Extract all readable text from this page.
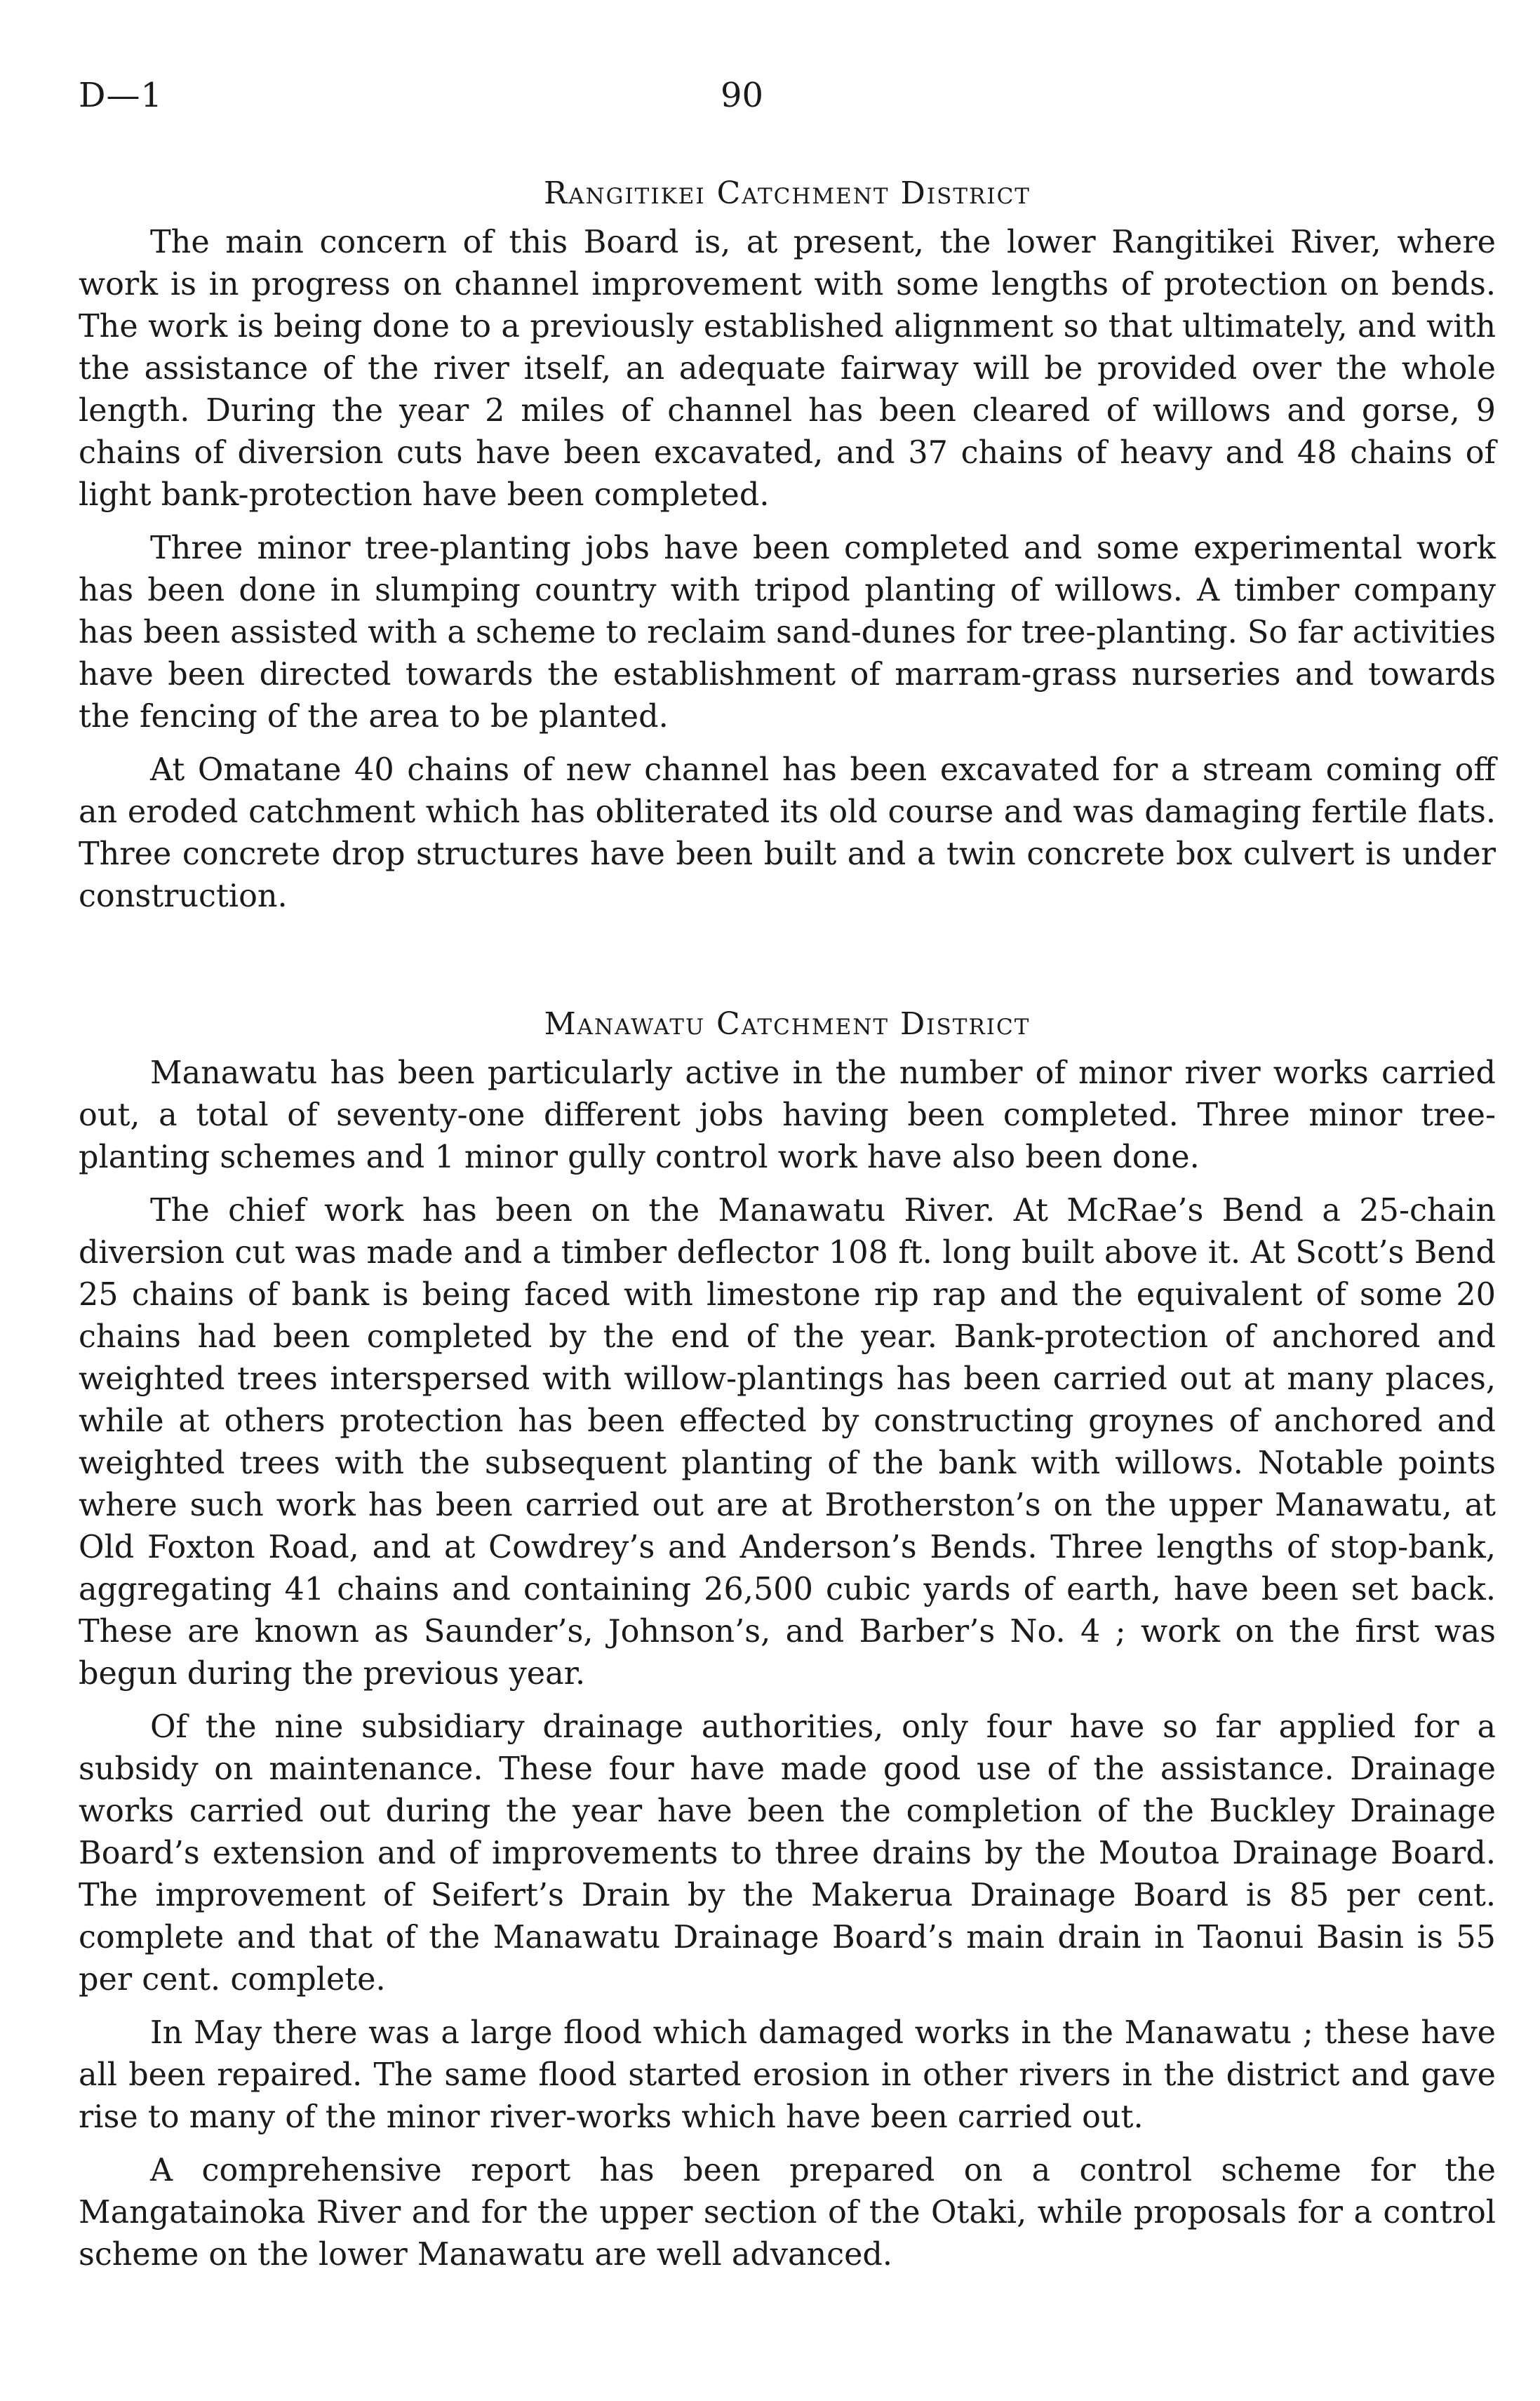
D—1	90
Rangitikei Catchment District

The main concern of this Board is, at present, the lower Rangitikei River, where work is in progress on channel improvement with some lengths of protection on bends. The work is being done to a previously established alignment so that ultimately, and with the assistance of the river itself, an adequate fairway will be provided over the whole length. During the year 2 miles of channel has been cleared of willows and gorse, 9 chains of diversion cuts have been excavated, and 37 chains of heavy and 48 chains of light bank-protection have been completed.

Three minor tree-planting jobs have been completed and some experimental work has been done in slumping country with tripod planting of willows. A timber company has been assisted with a scheme to reclaim sand-dunes for tree-planting. So far activities have been directed towards the establishment of marram-grass nurseries and towards the fencing of the area to be planted.

At Omatane 40 chains of new channel has been excavated for a stream coming off an eroded catchment which has obliterated its old course and was damaging fertile flats. Three concrete drop structures have been built and a twin concrete box culvert is under construction.

Manawatu Catchment District

Manawatu has been particularly active in the number of minor river works carried out, a total of seventy-one different jobs having been completed. Three minor tree-planting schemes and 1 minor gully control work have also been done.

The chief work has been on the Manawatu River. At McRae’s Bend a 25-chain diversion cut was made and a timber deflector 108 ft. long built above it. At Scott’s Bend 25 chains of bank is being faced with limestone rip rap and the equivalent of some 20 chains had been completed by the end of the year. Bank-protection of anchored and weighted trees interspersed with willow-plantings has been carried out at many places, while at others protection has been effected by constructing groynes of anchored and weighted trees with the subsequent planting of the bank with willows. Notable points where such work has been carried out are at Brotherston’s on the upper Manawatu, at Old Foxton Road, and at Cowdrey’s and Anderson’s Bends. Three lengths of stop-bank, aggregating 41 chains and containing 26,500 cubic yards of earth, have been set back. These are known as Saunder’s, Johnson’s, and Barber’s No. 4 ; work on the first was begun during the previous year.

Of the nine subsidiary drainage authorities, only four have so far applied for a subsidy on maintenance. These four have made good use of the assistance. Drainage works carried out during the year have been the completion of the Buckley Drainage Board’s extension and of improvements to three drains by the Moutoa Drainage Board. The improvement of Seifert’s Drain by the Makerua Drainage Board is 85 per cent. complete and that of the Manawatu Drainage Board’s main drain in Taonui Basin is 55 per cent. complete.

In May there was a large flood which damaged works in the Manawatu ; these have all been repaired. The same flood started erosion in other rivers in the district and gave rise to many of the minor river-works which have been carried out.

A comprehensive report has been prepared on a control scheme for the Mangatainoka River and for the upper section of the Otaki, while proposals for a control scheme on the lower Manawatu are well advanced.
